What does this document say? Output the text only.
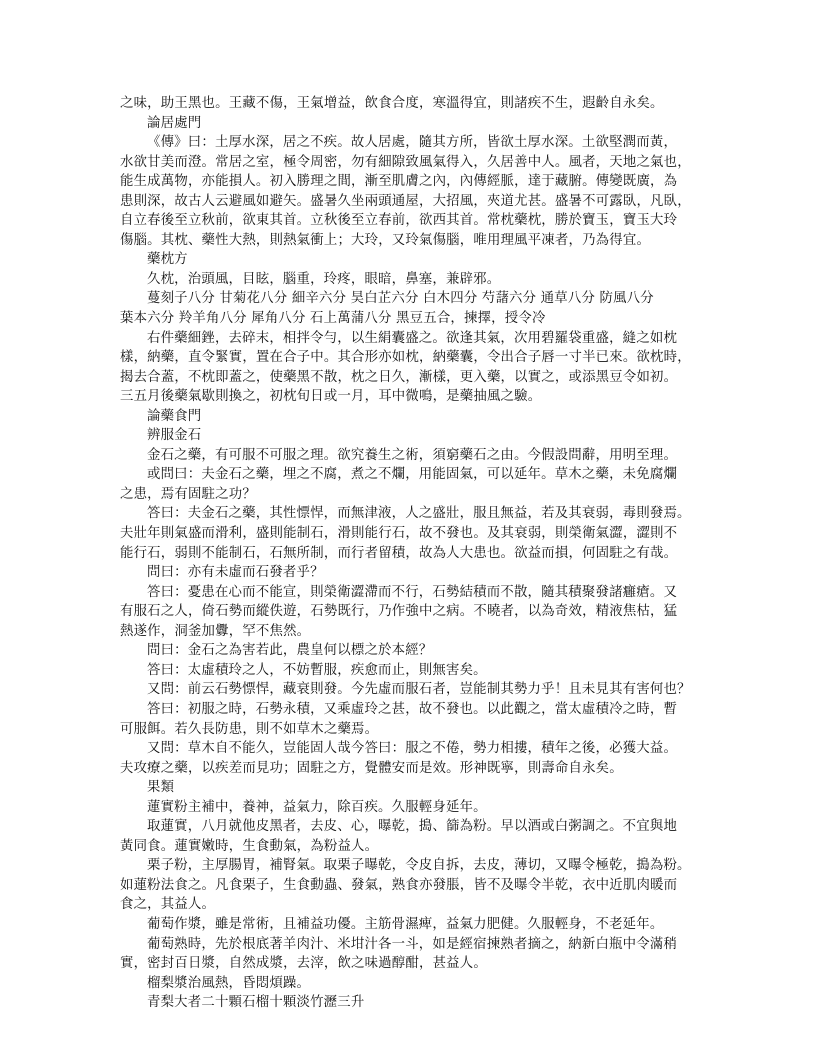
之味，助王黑也。王藏不傷，王氣增益，飲食合度，寒溫得宜，則諸疾不生，遐齡自永矣。
論居處門
《傳》曰：土厚水深，居之不疾。故人居處，隨其方所，皆欲土厚水深。土欲堅潤而黃，
水欲甘美而澄。常居之室，極令周密，勿有細隙致風氣得入，久居善中人。風者，天地之氣也，
能生成萬物，亦能損人。初入勝理之間，漸至肌膚之內，內傳經脈，達于藏腑。傳變既廣，為
患則深，故古人云避風如避矢。盛暑久坐兩頭通屋，大招風，夾道尤甚。盛暑不可露臥，凡臥，
自立春後至立秋前，欲東其首。立秋後至立春前，欲西其首。常枕藥枕，勝於寶玉，寶玉大玲
傷腦。其枕、藥性大熱，則熱氣衝上；大玲，又玲氣傷腦，唯用理風平凍者，乃為得宜。
藥枕方
久枕，治頭風，目眩，腦重，玲疼，眼暗，鼻塞，兼辟邪。
蔓刻子八分 甘菊花八分 細辛六分 昊白芷六分 白木四分 芍藷六分 通草八分 防風八分
葉本六分 羚羊角八分 犀角八分 石上萬蒲八分 黑豆五合，揀擇，授令冷
右件藥細銼，去碎末，相拌令勻，以生絹囊盛之。欲逢其氣，次用碧羅袋重盛，縫之如枕
樣，納藥，直令緊實，置在合子中。其合形亦如枕，納藥囊，令出合子唇一寸半已來。欲枕時，
揭去合蓋，不枕即蓋之，使藥黑不散，枕之日久，漸樣，更入藥，以實之，或添黑豆令如初。
三五月後藥氣歇則換之，初枕旬日或一月，耳中微鳴，是藥抽風之驗。
論藥食門
辨服金石
金石之藥，有可服不可服之理。欲究養生之術，須窮藥石之由。今假設問辭，用明至理。
或問曰：夫金石之藥，埋之不腐，煮之不爛，用能固氣，可以延年。草木之藥，未免腐爛
之患，焉有固駐之功？
答曰：夫金石之藥，其性慓悍，而無津液，人之盛壯，服且無益，若及其衰弱，毒則發焉。
夫壯年則氣盛而滑利，盛則能制石，滑則能行石，故不發也。及其衰弱，則榮衛氣澀，澀則不
能行石，弱則不能制石，石無所制，而行者留積，故為人大患也。欲益而損，何固駐之有哉。
問曰：亦有未虛而石發者乎？
答曰：憂患在心而不能宣，則榮衛澀滯而不行，石勢結積而不散，隨其積聚發諸癰瘡。又
有服石之人，倚石勢而縱佚遊，石勢既行，乃作強中之病。不曉者，以為奇效，精液焦枯，猛
熱遂作，洞釜加釁，罕不焦然。
問曰：金石之為害若此，農皇何以標之於本經？
答曰：太虛積玲之人，不妨暫服，疾愈而止，則無害矣。
又問：前云石勢慓悍，藏衰則發。今先虛而服石者，豈能制其勢力乎！且未見其有害何也？
答曰：初服之時，石勢永積，又乘虛玲之甚，故不發也。以此觀之，當太虛積冷之時，暫
可服餌。若久長防患，則不如草木之藥焉。
又問：草木自不能久，豈能固人哉今答曰：服之不倦，勢力相摟，積年之後，必獲大益。
夫攻療之藥，以疾差而見功；固駐之方，覺體安而是效。形神既寧，則壽命自永矣。
果類
蓮實粉主補中，養神，益氣力，除百疾。久服輕身延年。
取蓮實，八月就他皮黑者，去皮、心，曝乾，搗、篩為粉。早以酒或白粥調之。不宜與地
黃同食。蓮實嫩時，生食動氣，為粉益人。
栗子粉，主厚腸胃，補腎氣。取栗子曝乾，令皮自拆，去皮，薄切，又曝令極乾，搗為粉。
如蓮粉法食之。凡食栗子，生食動蟲、發氣，熟食亦發脹，皆不及曝令半乾，衣中近肌肉暖而
食之，其益人。
葡萄作漿，雖是常術，且補益功優。主筋骨濕痺，益氣力肥健。久服輕身，不老延年。
葡萄熟時，先於根底著羊肉汁、米坩汁各一斗，如是經宿揀熟者摘之，納新白瓶中令滿稍
實，密封百日漿，自然成漿，去滓，飲之味過醇酣，甚益人。
榴梨漿治風熱，昏悶煩躁。
青梨大者二十顆石榴十顆淡竹瀝三升
